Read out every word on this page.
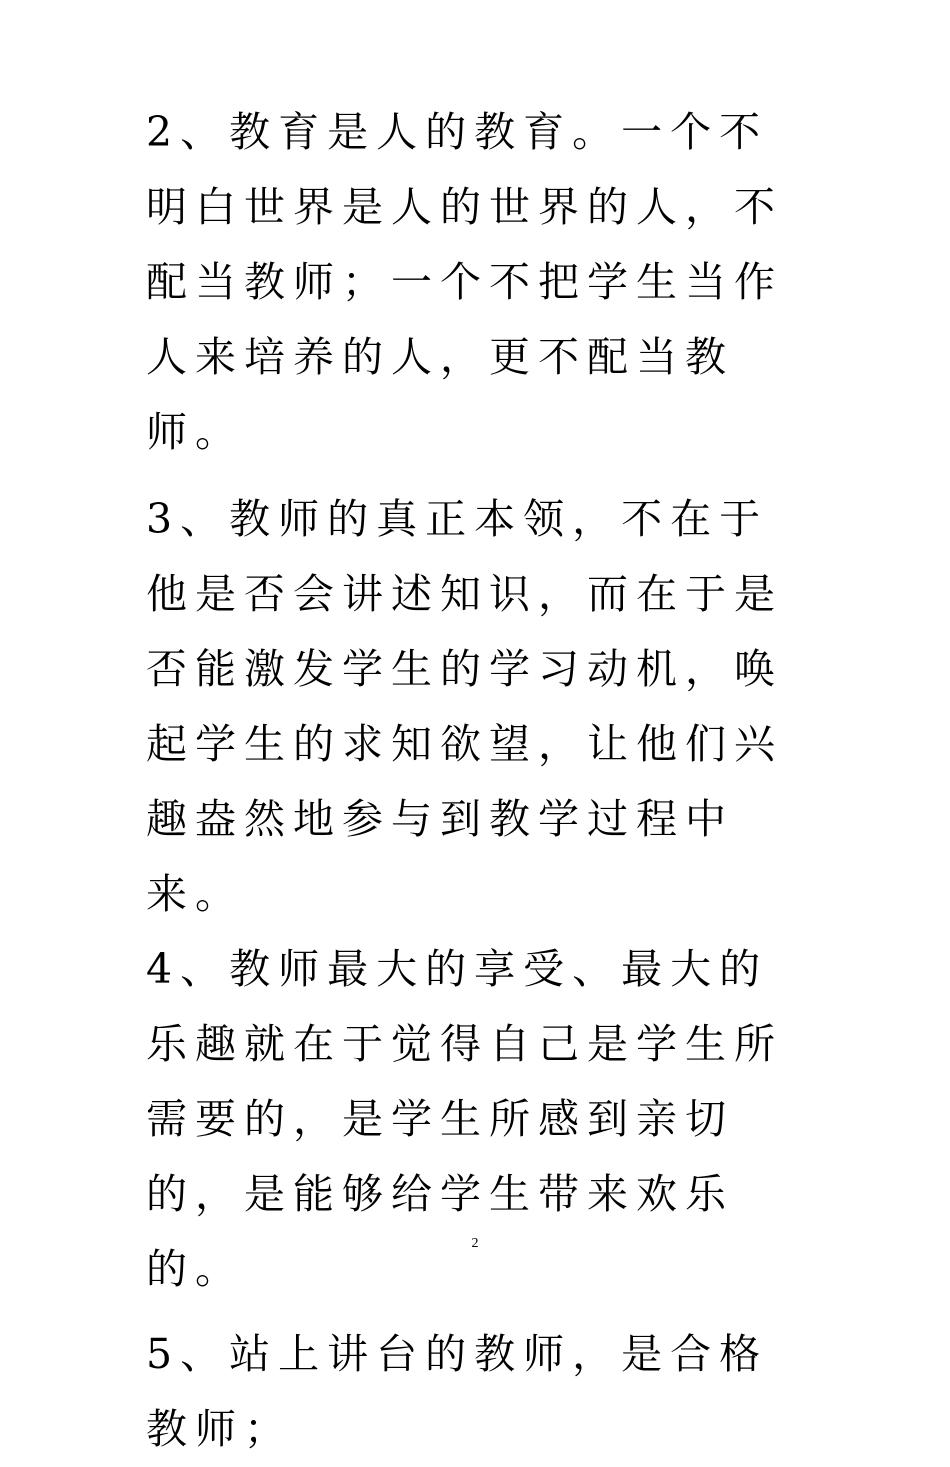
2、教育是人的教育。一个不明白世界是人的世界的人，不配当教师；一个不把学生当作人来培养的人，更不配当教师。

3、教师的真正本领，不在于他是否会讲述知识，而在于是否能激发学生的学习动机，唤起学生的求知欲望，让他们兴趣盎然地参与到教学过程中来。

4、教师最大的享受、最大的乐趣就在于觉得自己是学生所需要的，是学生所感到亲切的，是能够给学生带来欢乐的。

5、站上讲台的教师，是合格教师；

2
